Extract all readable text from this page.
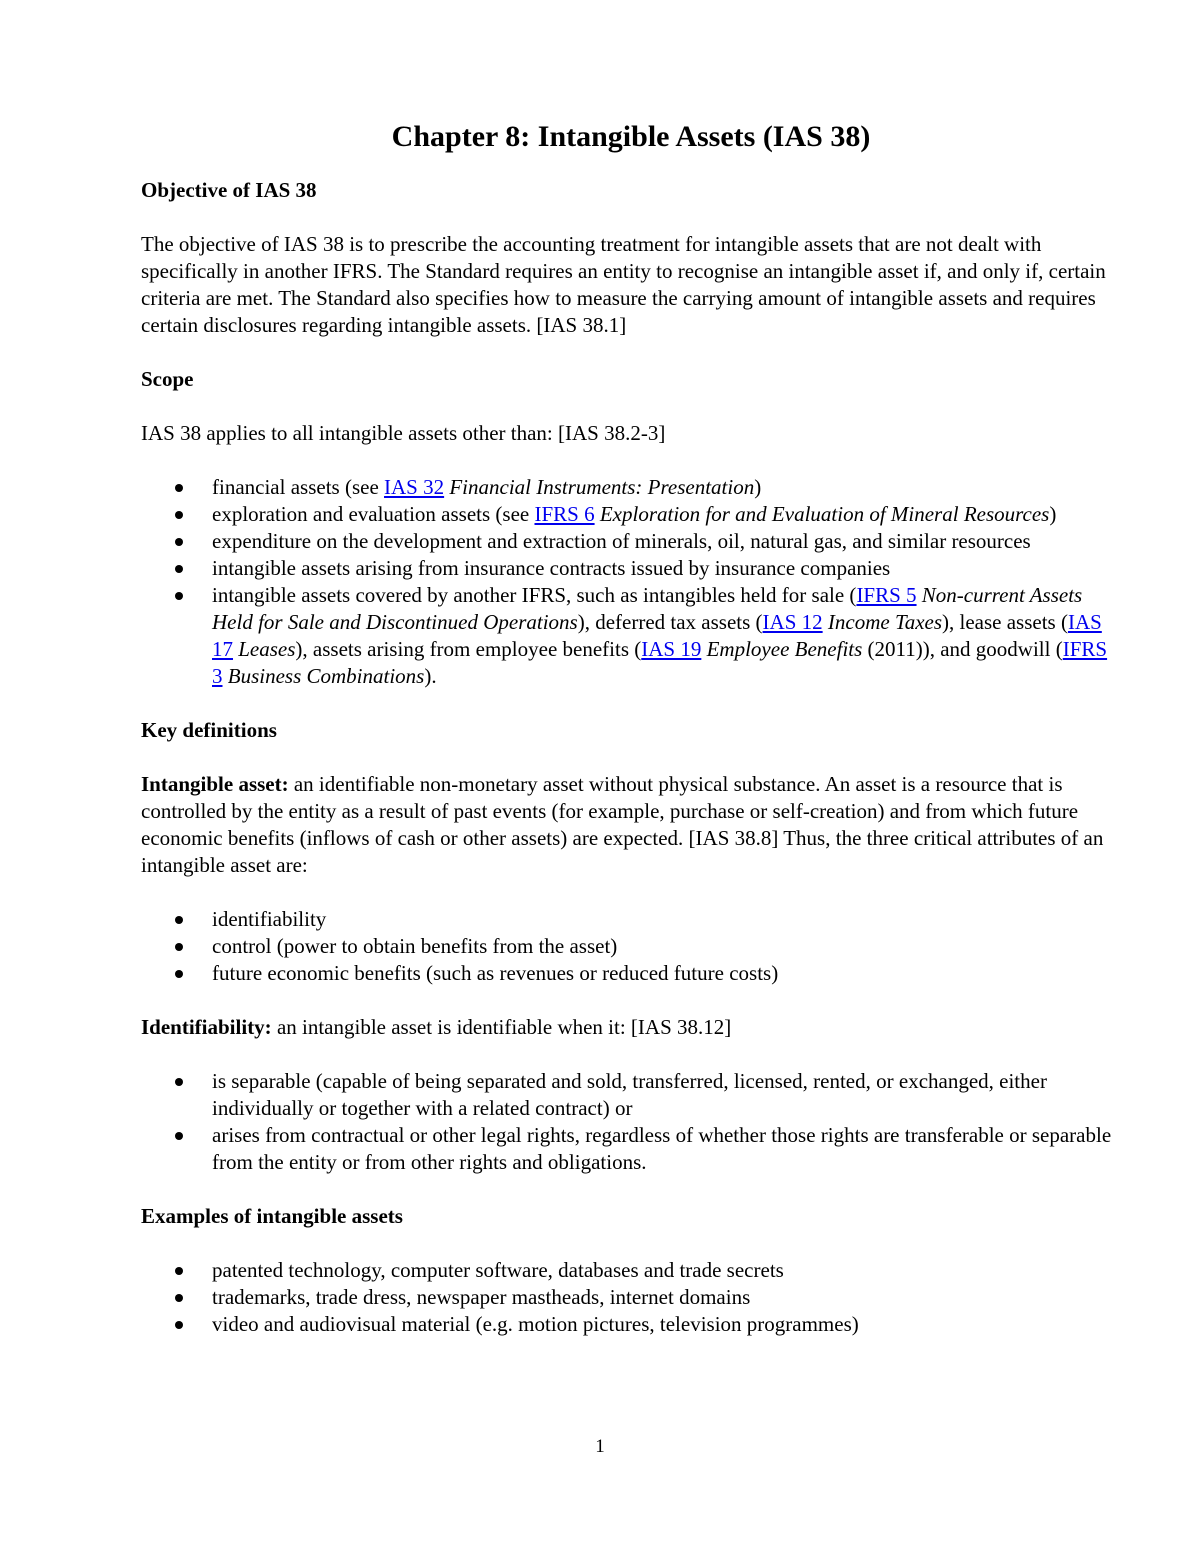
Chapter 8: Intangible Assets (IAS 38)
Objective of IAS 38

The objective of IAS 38 is to prescribe the accounting treatment for intangible assets that are not dealt with specifically in another IFRS. The Standard requires an entity to recognise an intangible asset if, and only if, certain criteria are met. The Standard also specifies how to measure the carrying amount of intangible assets and requires certain disclosures regarding intangible assets. [IAS 38.1]

Scope

IAS 38 applies to all intangible assets other than: [IAS 38.2-3]

financial assets (see IAS 32 Financial Instruments: Presentation)
exploration and evaluation assets (see IFRS 6 Exploration for and Evaluation of Mineral Resources)
expenditure on the development and extraction of minerals, oil, natural gas, and similar resources
intangible assets arising from insurance contracts issued by insurance companies
intangible assets covered by another IFRS, such as intangibles held for sale (IFRS 5 Non-current Assets Held for Sale and Discontinued Operations), deferred tax assets (IAS 12 Income Taxes), lease assets (IAS 17 Leases), assets arising from employee benefits (IAS 19 Employee Benefits (2011)), and goodwill (IFRS 3 Business Combinations).
Key definitions

Intangible asset: an identifiable non-monetary asset without physical substance. An asset is a resource that is controlled by the entity as a result of past events (for example, purchase or self-creation) and from which future economic benefits (inflows of cash or other assets) are expected. [IAS 38.8] Thus, the three critical attributes of an intangible asset are:

identifiability
control (power to obtain benefits from the asset)
future economic benefits (such as revenues or reduced future costs)

Identifiability: an intangible asset is identifiable when it: [IAS 38.12]

is separable (capable of being separated and sold, transferred, licensed, rented, or exchanged, either individually or together with a related contract) or
arises from contractual or other legal rights, regardless of whether those rights are transferable or separable from the entity or from other rights and obligations.
Examples of intangible assets
patented technology, computer software, databases and trade secrets
trademarks, trade dress, newspaper mastheads, internet domains
video and audiovisual material (e.g. motion pictures, television programmes)
1
